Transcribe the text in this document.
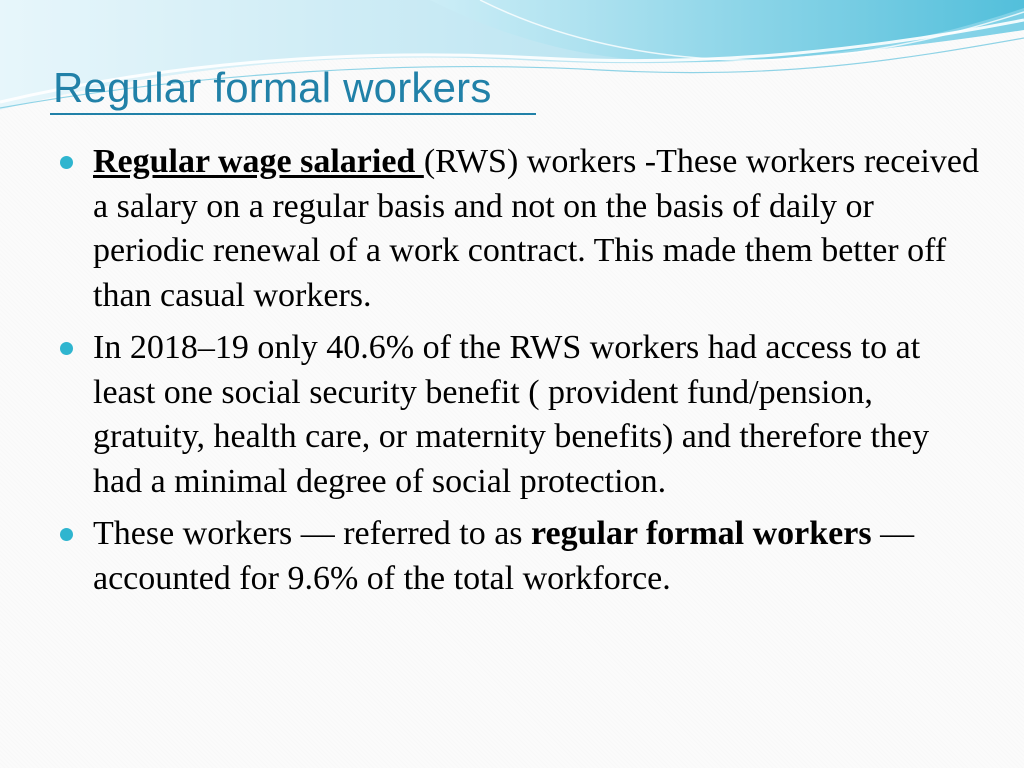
Regular formal workers
Regular wage salaried (RWS) workers -These workers received a salary on a regular basis and not on the basis of daily or periodic renewal of a work contract. This made them better off than casual workers.
In 2018–19 only 40.6% of the RWS workers had access to at least one social security benefit ( provident fund/pension, gratuity, health care, or maternity benefits) and therefore they had a minimal degree of social protection.
These workers — referred to as regular formal workers — accounted for 9.6% of the total workforce.
